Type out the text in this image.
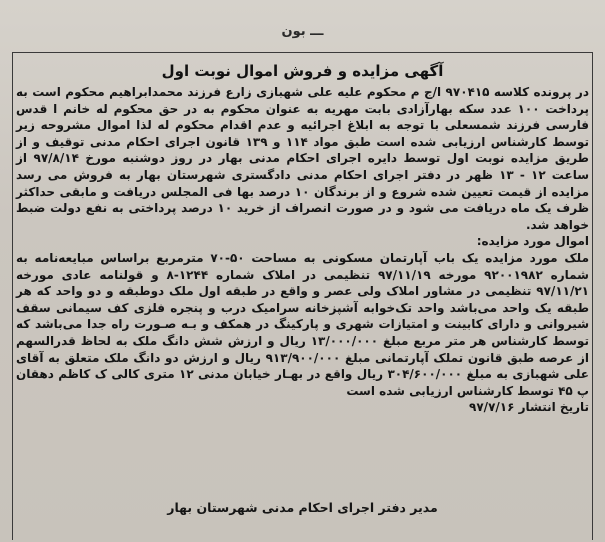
ـــ بون
آگهی مزایده و فروش اموال نوبت اول

در پرونده کلاسه ۹۷۰۴۱۵ ا/ج م محکوم علیه علی شهبازی زارع فرزند محمدابراهیم محکوم است به پرداخت ۱۰۰ عدد سکه بهارآزادی بابت مهریه به عنوان محکوم به در حق محکوم له خانم ا قدس فارسی فرزند شمسعلی با توجه به ابلاغ اجرائیه و عدم اقدام محکوم له لذا اموال مشروحه زیر توسط کارشناس ارزیابی شده است طبق مواد ۱۱۴ و ۱۳۹ قانون اجرای احکام مدنی توقیف و از طریق مزایده نوبت اول توسط دایره اجرای احکام مدنی بهار در روز دوشنبه مورخ ۹۷/۸/۱۴ از ساعت ۱۲ - ۱۳ ظهر در دفتر اجرای احکام مدنی دادگستری شهرستان بهار به فروش می رسد مزایده از قیمت تعیین شده شروع و از برندگان ۱۰ درصد بها فی المجلس دریافت و مابقی حداکثر ظرف یک ماه دریافت می شود و در صورت انصراف از خرید ۱۰ درصد پرداختی به نفع دولت ضبط خواهد شد.

اموال مورد مزایده:

ملک مورد مزایده یک باب آپارتمان مسکونی به مساحت ۵۰-۷۰ مترمربع براساس مبایعه‌نامه به شماره ۹۲۰۰۱۹۸۲ مورخه ۹۷/۱۱/۱۹ تنظیمی در املاک شماره ۱۲۴۴-۸ و قولنامه عادی مورخه ۹۷/۱۱/۲۱ تنظیمی در مشاور املاک ولی عصر و واقع در طبقه اول ملک دوطبقه و دو واحد که هر طبقه یک واحد می‌باشد واحد تک‌خوابه آشپزخانه سرامیک درب و پنجره فلزی کف سیمانی سقف شیروانی و دارای کابینت و امتیازات شهری و پارکینگ در همکف و بـه صـورت راه جدا می‌باشد که توسط کارشناس هر متر مربع مبلغ ۱۳/۰۰۰/۰۰۰ ریال و ارزش شش دانگ ملک به لحاظ قدرالسهم از عرصه طبق قانون تملک آپارتمانی مبلغ ۹۱۳/۹۰۰/۰۰۰ ریال و ارزش دو دانگ ملک متعلق به آقای علی شهبازی به مبلغ ۳۰۴/۶۰۰/۰۰۰ ریال واقع در بهـار خیابان مدنی ۱۲ متری کالی ک کاظم دهقان پ ۴۵ توسط کارشناس ارزیابی شده است

تاریخ انتشار ۹۷/۷/۱۶

مدیر دفتر اجرای احکام مدنی شهرستان بهار
